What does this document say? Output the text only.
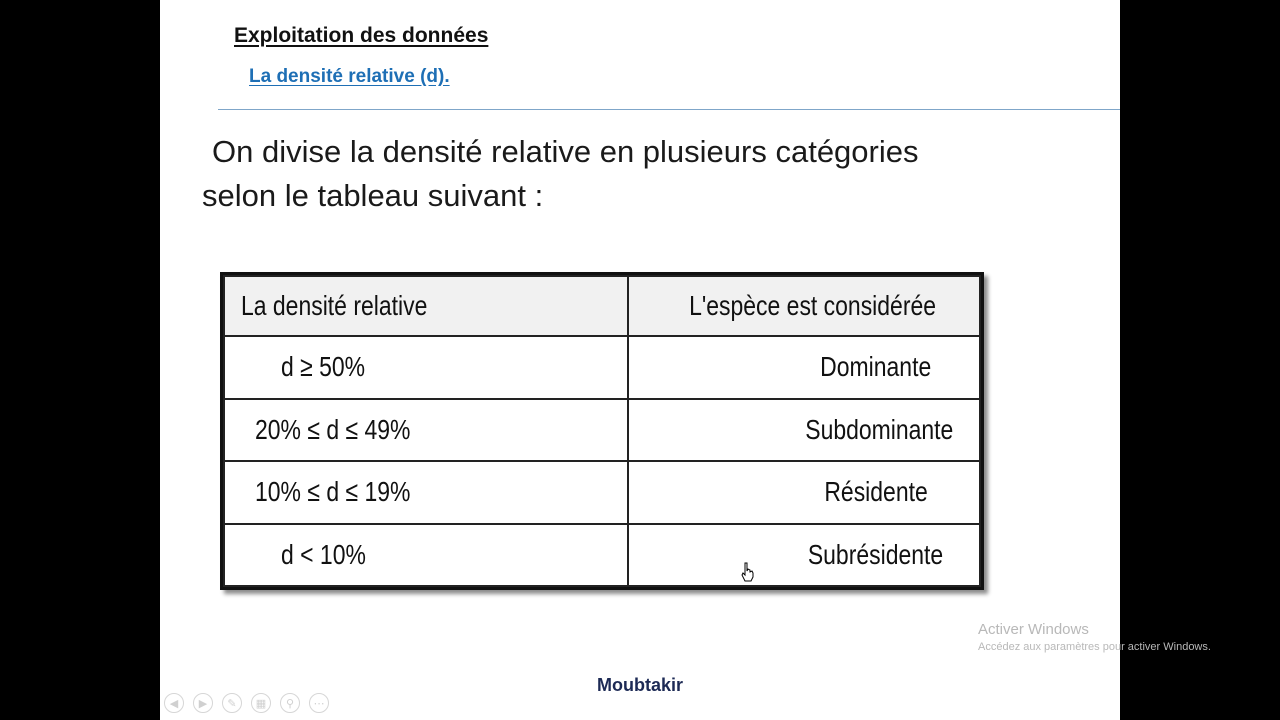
Exploitation des données
La densité relative (d).
On divise la densité relative en plusieurs catégories
selon le tableau suivant :
La densité relative	L'espèce est considérée
d ≥ 50%	Dominante
20% ≤ d ≤ 49%	Subdominante
10% ≤ d ≤ 19%	Résidente
d < 10%	Subrésidente
Moubtakir
Activer Windows
Accédez aux paramètres pour activer Windows.
◀	▶	✎	▦	⚲	⋯
